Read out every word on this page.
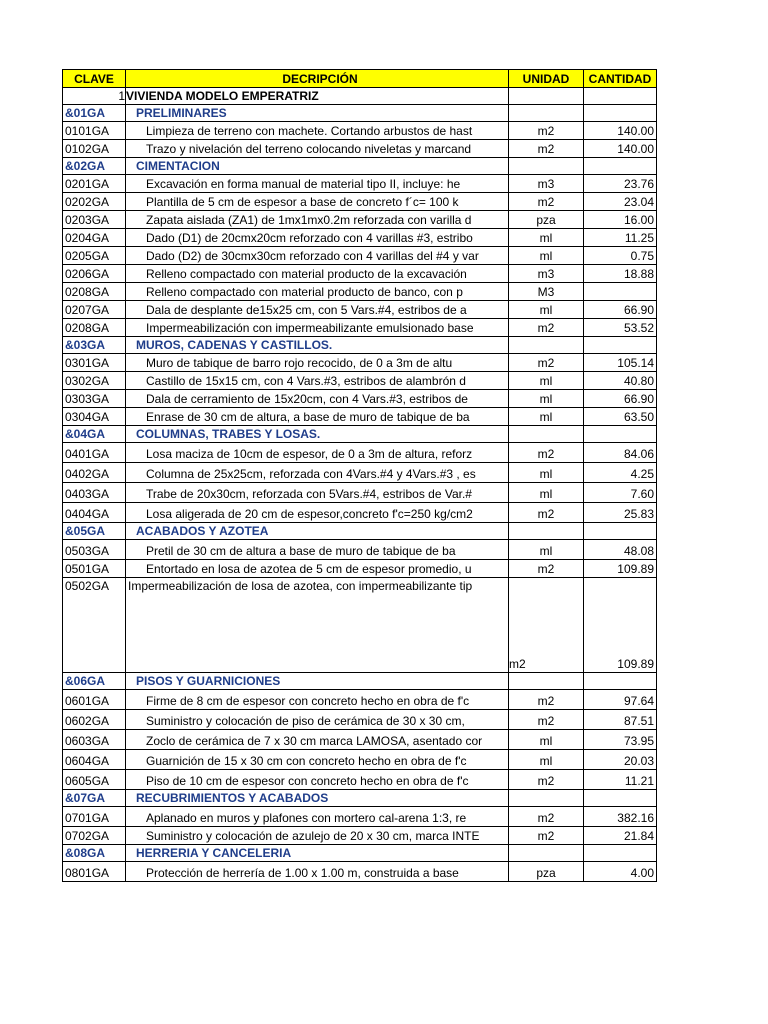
CLAVE	DECRIPCIÓN	UNIDAD	CANTIDAD
1	VIVIENDA MODELO EMPERATRIZ		
&01GA	PRELIMINARES		
0101GA	Limpieza de terreno con machete. Cortando arbustos de hast	m2	140.00
0102GA	Trazo y nivelación del terreno colocando niveletas y marcand	m2	140.00
&02GA	CIMENTACION		
0201GA	Excavación en forma manual de material tipo II, incluye: he	m3	23.76
0202GA	Plantilla de 5 cm de espesor a base de concreto f´c= 100 k	m2	23.04
0203GA	Zapata aislada (ZA1) de 1mx1mx0.2m reforzada con varilla d	pza	16.00
0204GA	Dado (D1) de 20cmx20cm reforzado con 4 varillas #3, estribo	ml	11.25
0205GA	Dado (D2) de 30cmx30cm reforzado con 4 varillas del #4 y var	ml	0.75
0206GA	Relleno compactado con material producto de la excavación	m3	18.88
0208GA	Relleno compactado con material producto de banco, con p	M3	
0207GA	Dala de desplante de15x25 cm, con 5 Vars.#4, estribos de a	ml	66.90
0208GA	Impermeabilización con impermeabilizante emulsionado base	m2	53.52
&03GA	MUROS, CADENAS Y CASTILLOS.		
0301GA	Muro de tabique de barro rojo recocido, de 0 a 3m de altu	m2	105.14
0302GA	Castillo de 15x15 cm, con 4 Vars.#3, estribos de alambrón d	ml	40.80
0303GA	Dala de cerramiento de 15x20cm, con 4 Vars.#3, estribos de	ml	66.90
0304GA	Enrase de 30 cm de altura, a base de muro de tabique de ba	ml	63.50
&04GA	COLUMNAS, TRABES Y LOSAS.		
0401GA	Losa maciza de 10cm de espesor, de 0 a 3m de altura, reforz	m2	84.06
0402GA	Columna de 25x25cm, reforzada con 4Vars.#4 y 4Vars.#3 , es	ml	4.25
0403GA	Trabe de 20x30cm, reforzada con 5Vars.#4, estribos de Var.#	ml	7.60
0404GA	Losa aligerada de 20 cm de espesor,concreto f'c=250 kg/cm2	m2	25.83
&05GA	ACABADOS Y AZOTEA		
0503GA	Pretil de 30 cm de altura a base de muro de tabique de ba	ml	48.08
0501GA	Entortado en losa de azotea de 5 cm de espesor promedio, u	m2	109.89
0502GA	Impermeabilización de losa de azotea, con impermeabilizante tip	m2	109.89
&06GA	PISOS Y GUARNICIONES		
0601GA	Firme de 8 cm de espesor con concreto hecho en obra de f'c	m2	97.64
0602GA	Suministro y colocación de piso de cerámica de 30 x 30 cm,	m2	87.51
0603GA	Zoclo de cerámica de 7 x 30 cm marca LAMOSA, asentado cor	ml	73.95
0604GA	Guarnición de 15 x 30 cm con concreto hecho en obra de f'c	ml	20.03
0605GA	Piso de 10 cm de espesor con concreto hecho en obra de f'c	m2	11.21
&07GA	RECUBRIMIENTOS Y ACABADOS		
0701GA	Aplanado en muros y plafones con mortero cal-arena 1:3, re	m2	382.16
0702GA	Suministro y colocación de azulejo de 20 x 30 cm, marca INTE	m2	21.84
&08GA	HERRERIA Y CANCELERIA		
0801GA	Protección de herrería de 1.00 x 1.00 m, construida a base	pza	4.00
